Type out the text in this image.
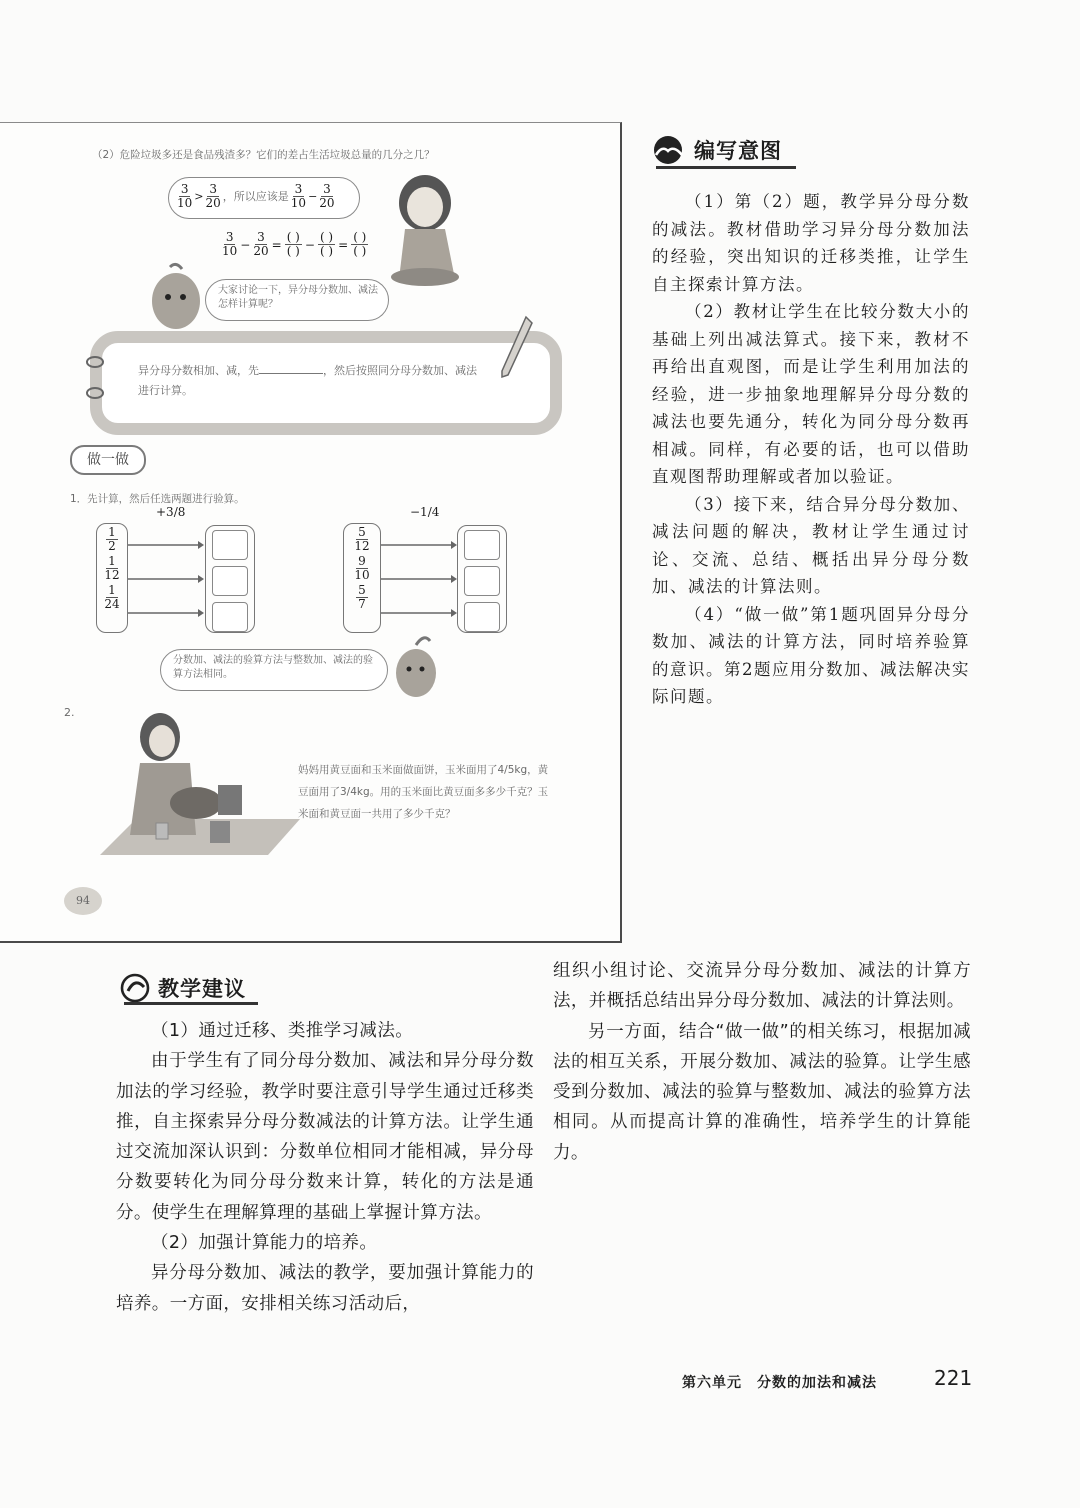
（2）危险垃圾多还是食品残渣多？它们的差占生活垃圾总量的几分之几？
$\frac{3}{10} > \frac{3}{20}$ ，所以应该是 $\frac{3}{10} - \frac{3}{20}$
$\frac{3}{10} - \frac{3}{20} = \frac{( )}{( )} - \frac{( )}{( )} = \frac{( )}{( )}$
大家讨论一下，异分母分数加、减法怎样计算呢？
异分母分数相加、减，先	，然后按照同分母分数加、减法进行计算。
做一做
1．先计算，然后任选两题进行验算。
$\frac{1}{2}$
$\frac{1}{12}$
$\frac{1}{24}$
+3/8
$\frac{5}{12}$
$\frac{9}{10}$
$\frac{5}{7}$
−1/4
分数加、减法的验算方法与整数加、减法的验算方法相同。
2.
妈妈用黄豆面和玉米面做面饼，玉米面用了4/5kg，黄豆面用了3/4kg。用的玉米面比黄豆面多多少千克？玉米面和黄豆面一共用了多少千克？
94
编写意图
（1）第（2）题，教学异分母分数的减法。教材借助学习异分母分数加法的经验，突出知识的迁移类推，让学生自主探索计算方法。
（2）教材让学生在比较分数大小的基础上列出减法算式。接下来，教材不再给出直观图，而是让学生利用加法的经验，进一步抽象地理解异分母分数的减法也要先通分，转化为同分母分数再相减。同样，有必要的话，也可以借助直观图帮助理解或者加以验证。
（3）接下来，结合异分母分数加、减法问题的解决，教材让学生通过讨论、交流、总结、概括出异分母分数加、减法的计算法则。
（4）“做一做”第1题巩固异分母分数加、减法的计算方法，同时培养验算的意识。第2题应用分数加、减法解决实际问题。
教学建议

（1）通过迁移、类推学习减法。

由于学生有了同分母分数加、减法和异分母分数加法的学习经验，教学时要注意引导学生通过迁移类推，自主探索异分母分数减法的计算方法。让学生通过交流加深认识到：分数单位相同才能相减，异分母分数要转化为同分母分数来计算，转化的方法是通分。使学生在理解算理的基础上掌握计算方法。

（2）加强计算能力的培养。

异分母分数加、减法的教学，要加强计算能力的培养。一方面，安排相关练习活动后，

组织小组讨论、交流异分母分数加、减法的计算方法，并概括总结出异分母分数加、减法的计算法则。

另一方面，结合“做一做”的相关练习，根据加减法的相互关系，开展分数加、减法的验算。让学生感受到分数加、减法的验算与整数加、减法的验算方法相同。从而提高计算的准确性，培养学生的计算能力。

第六单元　分数的加法和减法	221
